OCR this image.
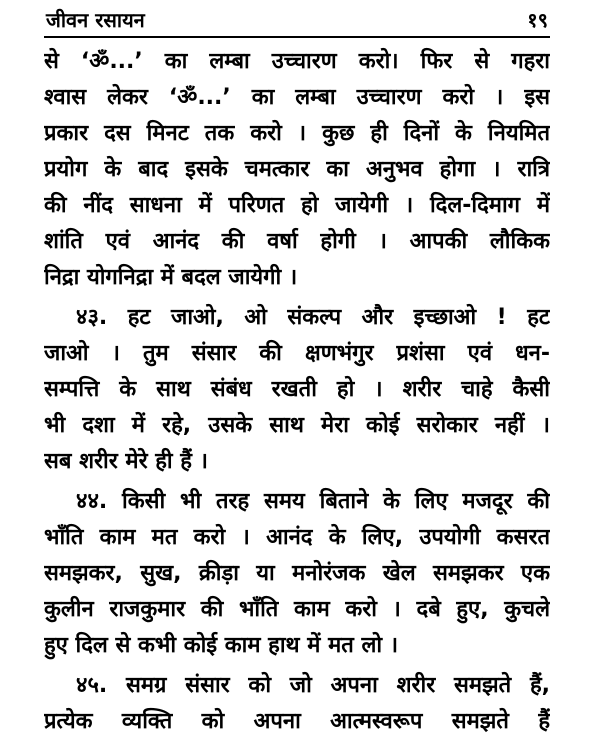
जीवन रसायन	१९
से ‘ॐ...’ का लम्बा उच्चारण करो। फिर से गहरा
श्वास लेकर ‘ॐ...’ का लम्बा उच्चारण करो । इस
प्रकार दस मिनट तक करो । कुछ ही दिनों के नियमित
प्रयोग के बाद इसके चमत्कार का अनुभव होगा । रात्रि
की नींद साधना में परिणत हो जायेगी । दिल-दिमाग में
शांति एवं आनंद की वर्षा होगी । आपकी लौकिक
निद्रा योगनिद्रा में बदल जायेगी ।
४३. हट जाओ, ओ संकल्प और इच्छाओ ! हट
जाओ । तुम संसार की क्षणभंगुर प्रशंसा एवं धन-
सम्पत्ति के साथ संबंध रखती हो । शरीर चाहे कैसी
भी दशा में रहे, उसके साथ मेरा कोई सरोकार नहीं ।
सब शरीर मेरे ही हैं ।
४४. किसी भी तरह समय बिताने के लिए मजदूर की
भाँति काम मत करो । आनंद के लिए, उपयोगी कसरत
समझकर, सुख, क्रीड़ा या मनोरंजक खेल समझकर एक
कुलीन राजकुमार की भाँति काम करो । दबे हुए, कुचले
हुए दिल से कभी कोई काम हाथ में मत लो ।
४५. समग्र संसार को जो अपना शरीर समझते हैं,
प्रत्येक व्यक्ति को अपना आत्मस्वरूप समझते हैं
